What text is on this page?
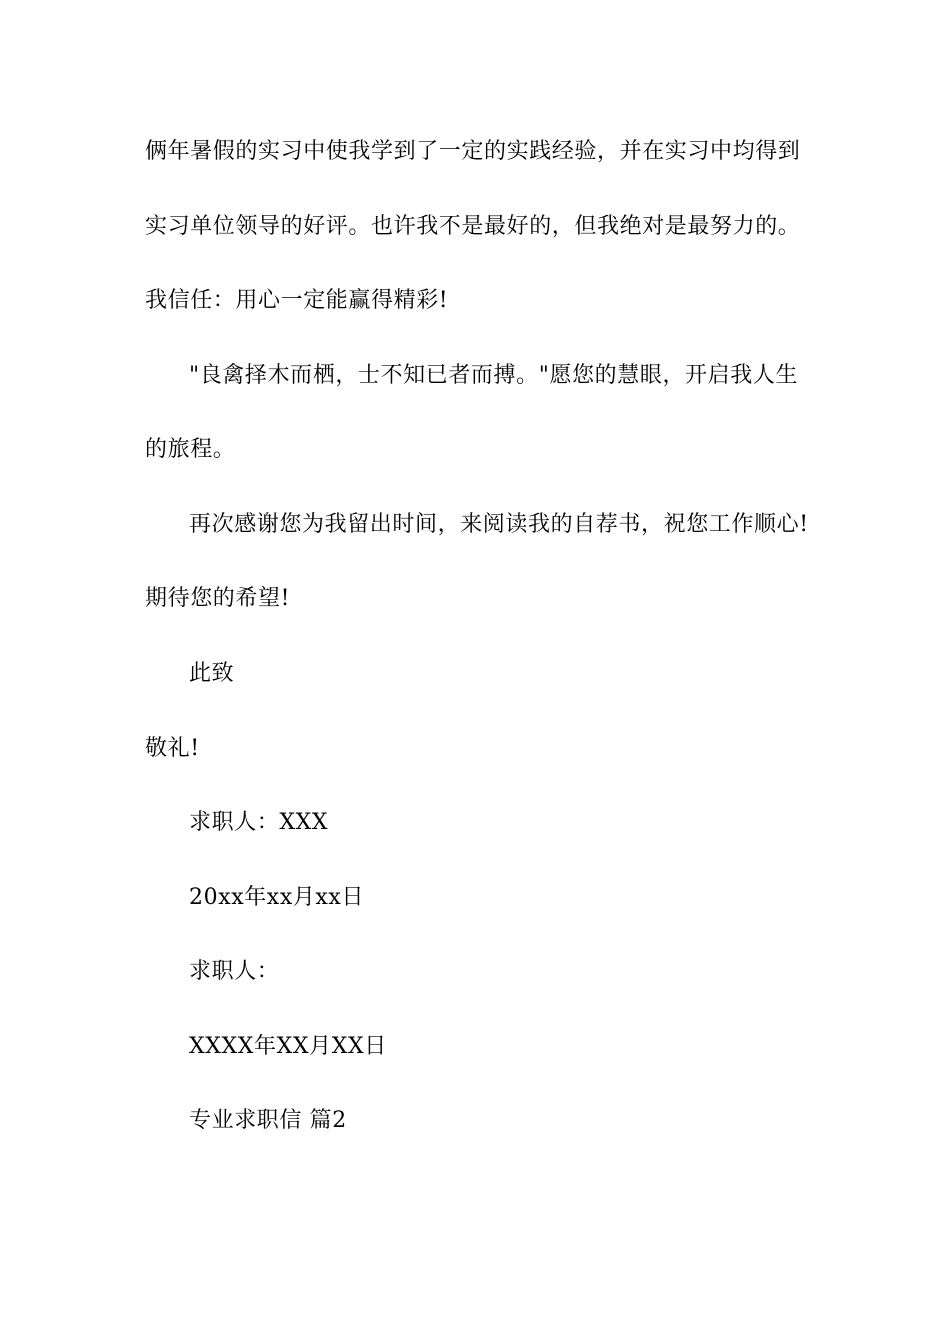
俩年暑假的实习中使我学到了一定的实践经验，并在实习中均得到
实习单位领导的好评。也许我不是最好的，但我绝对是最努力的。
我信任：用心一定能赢得精彩!
"良禽择木而栖，士不知已者而搏。"愿您的慧眼，开启我人生
的旅程。
再次感谢您为我留出时间，来阅读我的自荐书，祝您工作顺心!
期待您的希望!
此致
敬礼!
求职人：XXX
20xx年xx月xx日
求职人：
XXXX年XX月XX日
专业求职信 篇2
